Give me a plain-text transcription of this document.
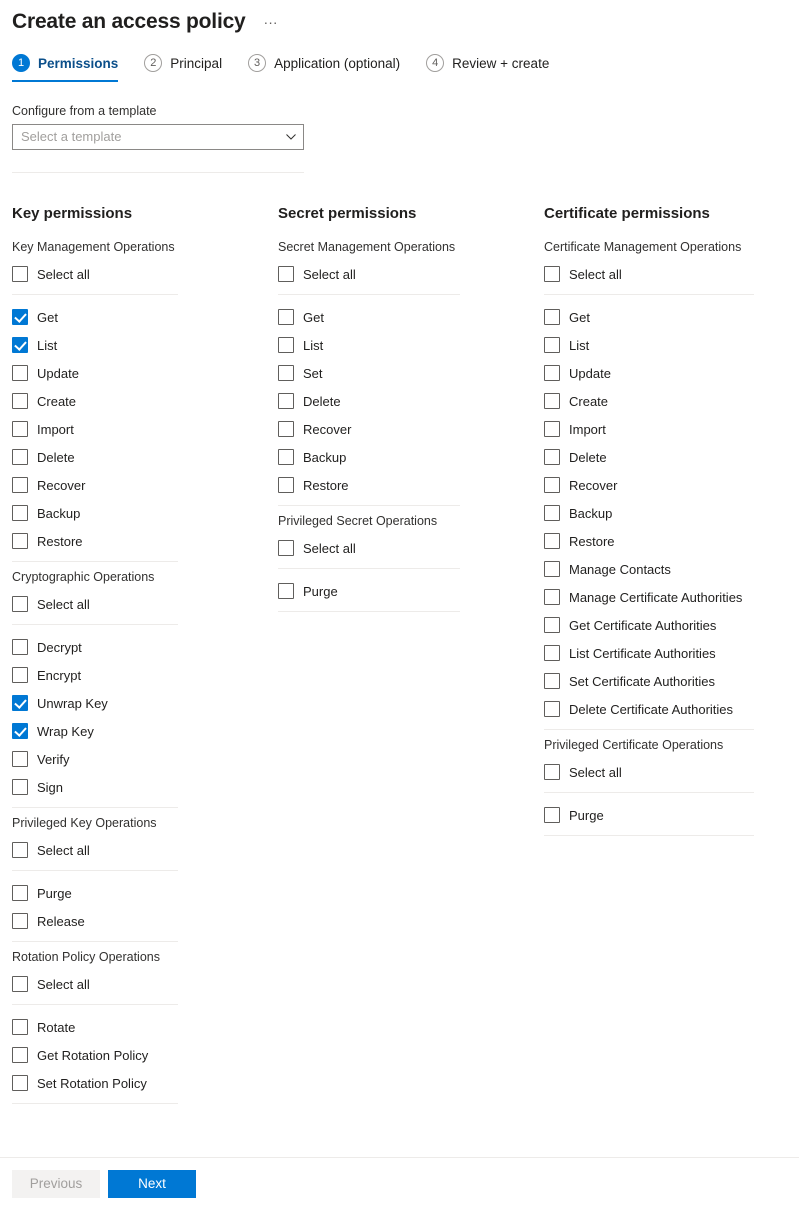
Create an access policy ···
1	Permissions	2	Principal	3	Application (optional)	4	Review + create
Configure from a template
Select a template
Key permissions
Key Management Operations
Select all
Get
List
Update
Create
Import
Delete
Recover
Backup
Restore
Cryptographic Operations
Select all
Decrypt
Encrypt
Unwrap Key
Wrap Key
Verify
Sign
Privileged Key Operations
Select all
Purge
Release
Rotation Policy Operations
Select all
Rotate
Get Rotation Policy
Set Rotation Policy
Secret permissions
Secret Management Operations
Select all
Get
List
Set
Delete
Recover
Backup
Restore
Privileged Secret Operations
Select all
Purge
Certificate permissions
Certificate Management Operations
Select all
Get
List
Update
Create
Import
Delete
Recover
Backup
Restore
Manage Contacts
Manage Certificate Authorities
Get Certificate Authorities
List Certificate Authorities
Set Certificate Authorities
Delete Certificate Authorities
Privileged Certificate Operations
Select all
Purge
Previous	Next
